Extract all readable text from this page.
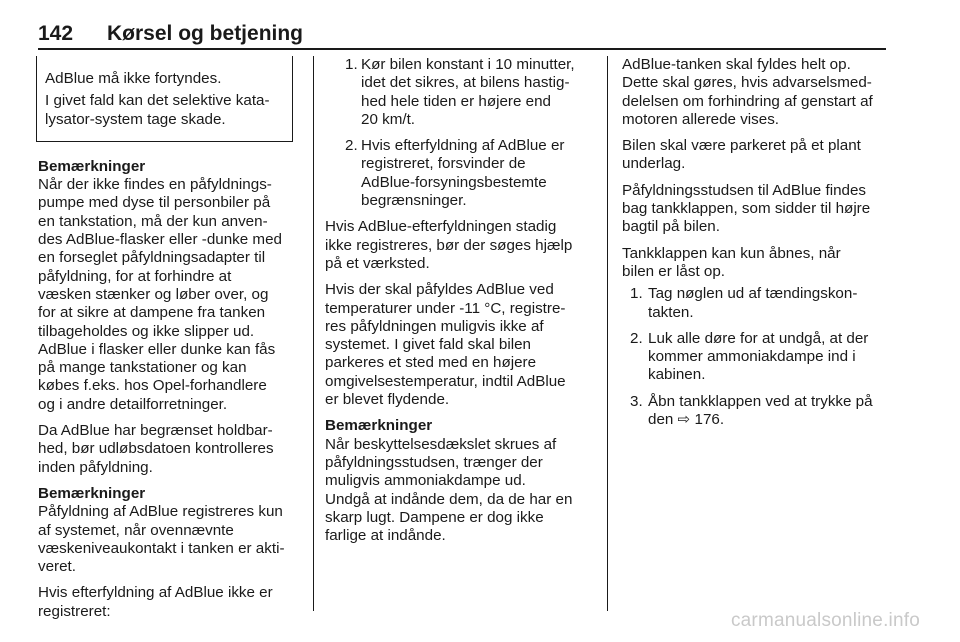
142 Kørsel og betjening
AdBlue må ikke fortyndes.
I givet fald kan det selektive kata-
lysator-system tage skade.
Bemærkninger
Når der ikke findes en påfyldnings-
pumpe med dyse til personbiler på
en tankstation, må der kun anven-
des AdBlue-flasker eller -dunke med
en forseglet påfyldningsadapter til
påfyldning, for at forhindre at
væsken stænker og løber over, og
for at sikre at dampene fra tanken
tilbageholdes og ikke slipper ud.
AdBlue i flasker eller dunke kan fås
på mange tankstationer og kan
købes f.eks. hos Opel-forhandlere
og i andre detailforretninger.
Da AdBlue har begrænset holdbar-
hed, bør udløbsdatoen kontrolleres
inden påfyldning.
Bemærkninger
Påfyldning af AdBlue registreres kun
af systemet, når ovennævnte
væskeniveaukontakt i tanken er akti-
veret.
Hvis efterfyldning af AdBlue ikke er
registreret:
1. Kør bilen konstant i 10 minutter,
idet det sikres, at bilens hastig-
hed hele tiden er højere end
20 km/t.
2. Hvis efterfyldning af AdBlue er
registreret, forsvinder de
AdBlue-forsyningsbestemte
begrænsninger.
Hvis AdBlue-efterfyldningen stadig
ikke registreres, bør der søges hjælp
på et værksted.
Hvis der skal påfyldes AdBlue ved
temperaturer under -11 °C, registre-
res påfyldningen muligvis ikke af
systemet. I givet fald skal bilen
parkeres et sted med en højere
omgivelsestemperatur, indtil AdBlue
er blevet flydende.
Bemærkninger
Når beskyttelsesdækslet skrues af
påfyldningsstudsen, trænger der
muligvis ammoniakdampe ud.
Undgå at indånde dem, da de har en
skarp lugt. Dampene er dog ikke
farlige at indånde.
AdBlue-tanken skal fyldes helt op.
Dette skal gøres, hvis advarselsmed-
delelsen om forhindring af genstart af
motoren allerede vises.
Bilen skal være parkeret på et plant
underlag.
Påfyldningsstudsen til AdBlue findes
bag tankklappen, som sidder til højre
bagtil på bilen.
Tankklappen kan kun åbnes, når
bilen er låst op.
1. Tag nøglen ud af tændingskon-
takten.
2. Luk alle døre for at undgå, at der
kommer ammoniakdampe ind i
kabinen.
3. Åbn tankklappen ved at trykke på
den ⇨ 176.
carmanualsonline.info
